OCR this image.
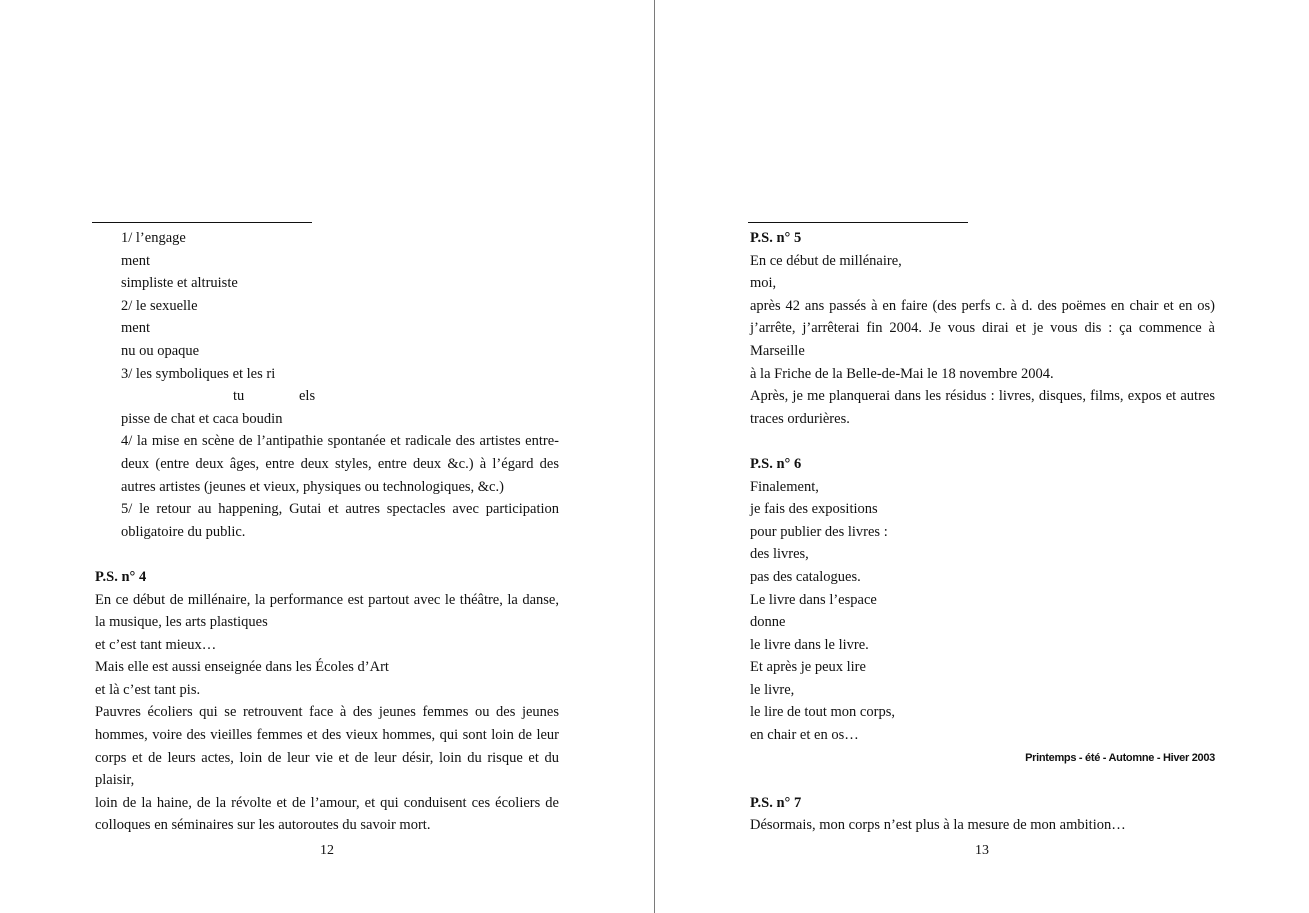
1/ l’engage
ment
simpliste et altruiste
2/ le sexuelle
ment
nu ou opaque
3/ les symboliques et les ri
tu	els
pisse de chat et caca boudin
4/ la mise en scène de l’antipathie spontanée et radicale des artistes entre-
deux (entre deux âges, entre deux styles, entre deux &c.) à l’égard des
autres artistes (jeunes et vieux, physiques ou technologiques, &c.)
5/ le retour au happening, Gutai et autres spectacles avec participation
obligatoire du public.
P.S. n° 4
En ce début de millénaire, la performance est partout avec le théâtre, la danse,
la musique, les arts plastiques
et c’est tant mieux…
Mais elle est aussi enseignée dans les Écoles d’Art
et là c’est tant pis.
Pauvres écoliers qui se retrouvent face à des jeunes femmes ou des jeunes
hommes, voire des vieilles femmes et des vieux hommes, qui sont loin de leur
corps et de leurs actes, loin de leur vie et de leur désir, loin du risque et du plaisir,
loin de la haine, de la révolte et de l’amour, et qui conduisent ces écoliers de
colloques en séminaires sur les autoroutes du savoir mort.
12
P.S. n° 5
En ce début de millénaire,
moi,
après 42 ans passés à en faire (des perfs c. à d. des poëmes en chair et en os)
j’arrête, j’arrêterai fin 2004. Je vous dirai et je vous dis : ça commence à Marseille
à la Friche de la Belle-de-Mai le 18 novembre 2004.
Après, je me planquerai dans les résidus : livres, disques, films, expos et autres
traces ordurières.
P.S. n° 6
Finalement,
je fais des expositions
pour publier des livres :
des livres,
pas des catalogues.
Le livre dans l’espace
donne
le livre dans le livre.
Et après je peux lire
le livre,
le lire de tout mon corps,
en chair et en os…
Printemps - été - Automne - Hiver 2003
P.S. n° 7
Désormais, mon corps n’est plus à la mesure de mon ambition…
13
